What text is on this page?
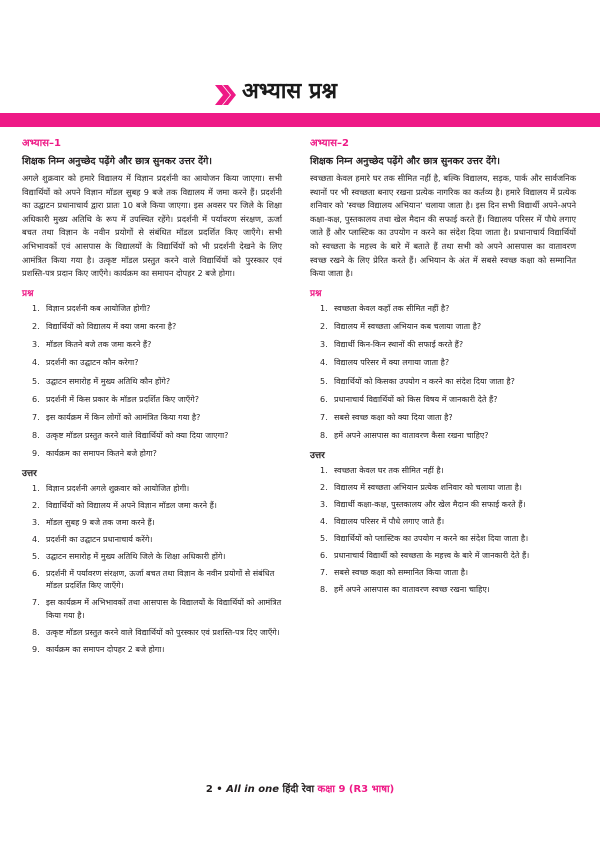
अभ्यास प्रश्न
अभ्यास–1
शिक्षक निम्न अनुच्छेद पढ़ेंगे और छात्र सुनकर उत्तर देंगे।

अगले शुक्रवार को हमारे विद्यालय में विज्ञान प्रदर्शनी का आयोजन किया जाएगा। सभी विद्यार्थियों को अपने विज्ञान मॉडल सुबह 9 बजे तक विद्यालय में जमा करने हैं। प्रदर्शनी का उद्घाटन प्रधानाचार्य द्वारा प्रातः 10 बजे किया जाएगा। इस अवसर पर जिले के शिक्षा अधिकारी मुख्य अतिथि के रूप में उपस्थित रहेंगे। प्रदर्शनी में पर्यावरण संरक्षण, ऊर्जा बचत तथा विज्ञान के नवीन प्रयोगों से संबंधित मॉडल प्रदर्शित किए जाएँगे। सभी अभिभावकों एवं आसपास के विद्यालयों के विद्यार्थियों को भी प्रदर्शनी देखने के लिए आमंत्रित किया गया है। उत्कृष्ट मॉडल प्रस्तुत करने वाले विद्यार्थियों को पुरस्कार एवं प्रशस्ति-पत्र प्रदान किए जाएँगे। कार्यक्रम का समापन दोपहर 2 बजे होगा।

प्रश्न
1. विज्ञान प्रदर्शनी कब आयोजित होगी?
2. विद्यार्थियों को विद्यालय में क्या जमा करना है?
3. मॉडल कितने बजे तक जमा करने हैं?
4. प्रदर्शनी का उद्घाटन कौन करेगा?
5. उद्घाटन समारोह में मुख्य अतिथि कौन होंगे?
6. प्रदर्शनी में किस प्रकार के मॉडल प्रदर्शित किए जाएँगे?
7. इस कार्यक्रम में किन लोगों को आमंत्रित किया गया है?
8. उत्कृष्ट मॉडल प्रस्तुत करने वाले विद्यार्थियों को क्या दिया जाएगा?
9. कार्यक्रम का समापन कितने बजे होगा?
उत्तर
1. विज्ञान प्रदर्शनी अगले शुक्रवार को आयोजित होगी।
2. विद्यार्थियों को विद्यालय में अपने विज्ञान मॉडल जमा करने हैं।
3. मॉडल सुबह 9 बजे तक जमा करने हैं।
4. प्रदर्शनी का उद्घाटन प्रधानाचार्य करेंगे।
5. उद्घाटन समारोह में मुख्य अतिथि जिले के शिक्षा अधिकारी होंगे।
6. प्रदर्शनी में पर्यावरण संरक्षण, ऊर्जा बचत तथा विज्ञान के नवीन प्रयोगों से संबंधित मॉडल प्रदर्शित किए जाएँगे।
7. इस कार्यक्रम में अभिभावकों तथा आसपास के विद्यालयों के विद्यार्थियों को आमंत्रित किया गया है।
8. उत्कृष्ट मॉडल प्रस्तुत करने वाले विद्यार्थियों को पुरस्कार एवं प्रशस्ति-पत्र दिए जाएँगे।
9. कार्यक्रम का समापन दोपहर 2 बजे होगा।
अभ्यास–2
शिक्षक निम्न अनुच्छेद पढ़ेंगे और छात्र सुनकर उत्तर देंगे।

स्वच्छता केवल हमारे घर तक सीमित नहीं है, बल्कि विद्यालय, सड़क, पार्क और सार्वजनिक स्थानों पर भी स्वच्छता बनाए रखना प्रत्येक नागरिक का कर्तव्य है। हमारे विद्यालय में प्रत्येक शनिवार को 'स्वच्छ विद्यालय अभियान' चलाया जाता है। इस दिन सभी विद्यार्थी अपने-अपने कक्षा-कक्ष, पुस्तकालय तथा खेल मैदान की सफाई करते हैं। विद्यालय परिसर में पौधे लगाए जाते हैं और प्लास्टिक का उपयोग न करने का संदेश दिया जाता है। प्रधानाचार्य विद्यार्थियों को स्वच्छता के महत्त्व के बारे में बताते हैं तथा सभी को अपने आसपास का वातावरण स्वच्छ रखने के लिए प्रेरित करते हैं। अभियान के अंत में सबसे स्वच्छ कक्षा को सम्मानित किया जाता है।

प्रश्न
1. स्वच्छता केवल कहाँ तक सीमित नहीं है?
2. विद्यालय में स्वच्छता अभियान कब चलाया जाता है?
3. विद्यार्थी किन-किन स्थानों की सफाई करते हैं?
4. विद्यालय परिसर में क्या लगाया जाता है?
5. विद्यार्थियों को किसका उपयोग न करने का संदेश दिया जाता है?
6. प्रधानाचार्य विद्यार्थियों को किस विषय में जानकारी देते हैं?
7. सबसे स्वच्छ कक्षा को क्या दिया जाता है?
8. हमें अपने आसपास का वातावरण कैसा रखना चाहिए?
उत्तर
1. स्वच्छता केवल घर तक सीमित नहीं है।
2. विद्यालय में स्वच्छता अभियान प्रत्येक शनिवार को चलाया जाता है।
3. विद्यार्थी कक्षा-कक्ष, पुस्तकालय और खेल मैदान की सफाई करते हैं।
4. विद्यालय परिसर में पौधे लगाए जाते हैं।
5. विद्यार्थियों को प्लास्टिक का उपयोग न करने का संदेश दिया जाता है।
6. प्रधानाचार्य विद्यार्थी को स्वच्छता के महत्त्व के बारे में जानकारी देते हैं।
7. सबसे स्वच्छ कक्षा को सम्मानित किया जाता है।
8. हमें अपने आसपास का वातावरण स्वच्छ रखना चाहिए।
2 • All in one हिंदी रेवा कक्षा 9 (R3 भाषा)
